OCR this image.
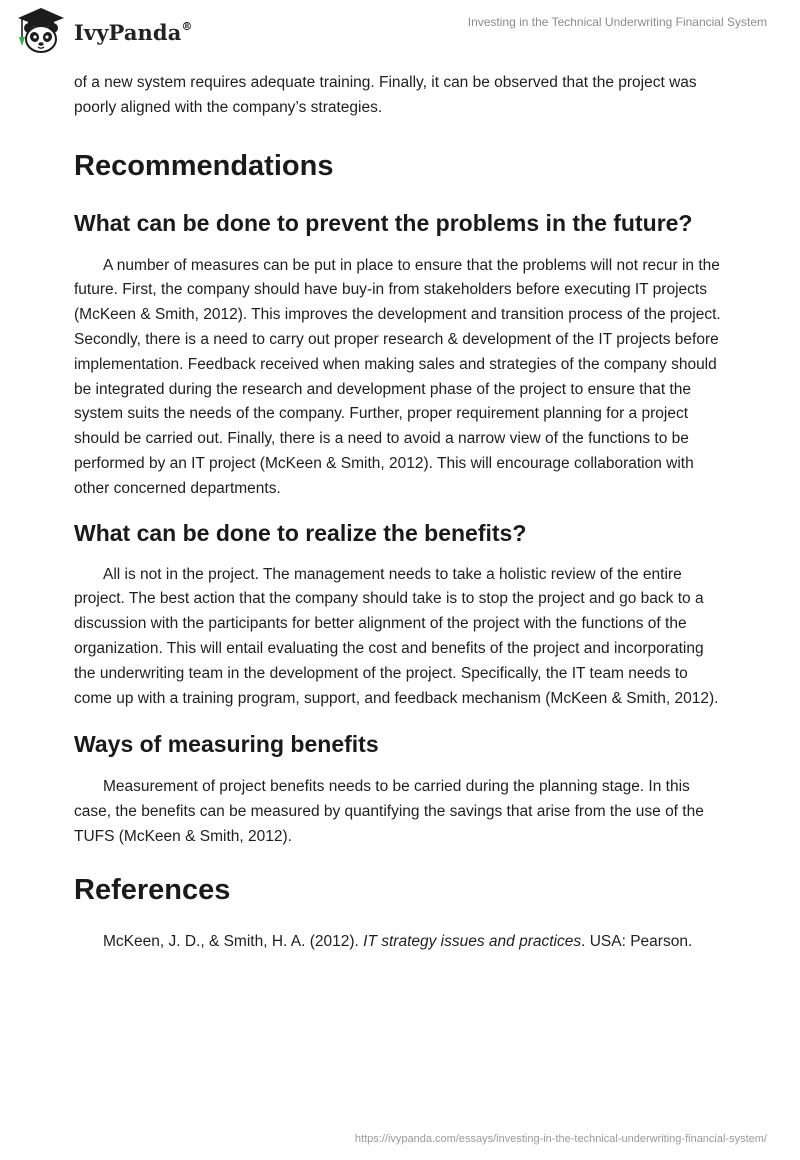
IvyPanda®	Investing in the Technical Underwriting Financial System

of a new system requires adequate training. Finally, it can be observed that the project was poorly aligned with the company’s strategies.

Recommendations
What can be done to prevent the problems in the future?

A number of measures can be put in place to ensure that the problems will not recur in the future. First, the company should have buy-in from stakeholders before executing IT projects (McKeen & Smith, 2012). This improves the development and transition process of the project. Secondly, there is a need to carry out proper research & development of the IT projects before implementation. Feedback received when making sales and strategies of the company should be integrated during the research and development phase of the project to ensure that the system suits the needs of the company. Further, proper requirement planning for a project should be carried out. Finally, there is a need to avoid a narrow view of the functions to be performed by an IT project (McKeen & Smith, 2012). This will encourage collaboration with other concerned departments.

What can be done to realize the benefits?

All is not in the project. The management needs to take a holistic review of the entire project. The best action that the company should take is to stop the project and go back to a discussion with the participants for better alignment of the project with the functions of the organization. This will entail evaluating the cost and benefits of the project and incorporating the underwriting team in the development of the project. Specifically, the IT team needs to come up with a training program, support, and feedback mechanism (McKeen & Smith, 2012).

Ways of measuring benefits

Measurement of project benefits needs to be carried during the planning stage. In this case, the benefits can be measured by quantifying the savings that arise from the use of the TUFS (McKeen & Smith, 2012).

References

McKeen, J. D., & Smith, H. A. (2012). IT strategy issues and practices. USA: Pearson.

https://ivypanda.com/essays/investing-in-the-technical-underwriting-financial-system/
